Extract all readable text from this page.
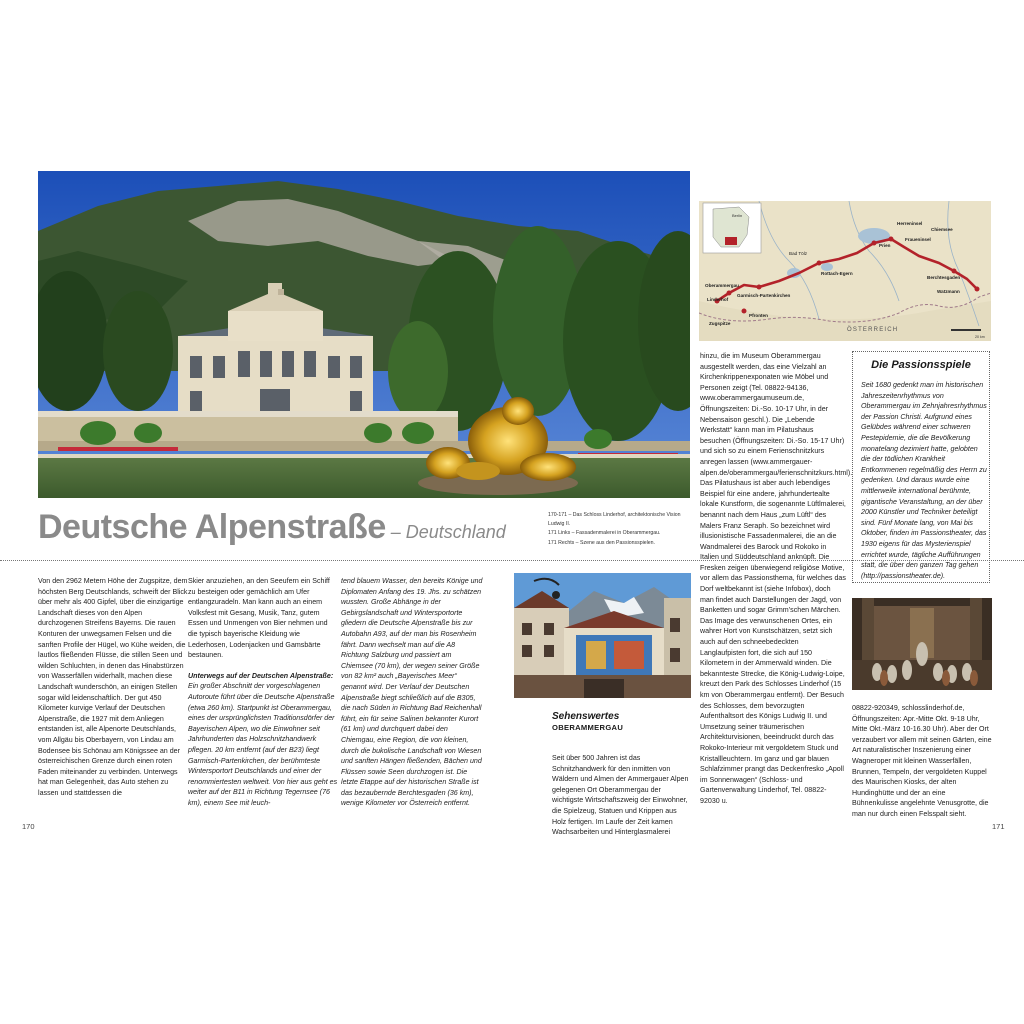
Berlin
Herreninsel
Chiemsee
Fraueninsel
Prien
Rottach-Egern
Oberammergau
Linderhof
Garmisch-Partenkirchen
Pfronten
Zugspitze
Berchtesgaden
Watzmann
Bad Tölz
ÖSTERREICH
20 km
Deutsche Alpenstraße – Deutschland
170-171 – Das Schloss Linderhof, architektonische Vision Ludwig II.
171 Links – Fassadenmalerei in Oberammergau.
171 Rechts – Szene aus den Passionsspielen.

Von den 2962 Metern Höhe der Zugspitze, dem höchsten Berg Deutschlands, schweift der Blick über mehr als 400 Gipfel, über die einzigartige Landschaft dieses von den Alpen durchzogenen Streifens Bayerns. Die rauen Konturen der unwegsamen Felsen und die sanften Profile der Hügel, wo Kühe weiden, die lautlos fließenden Flüsse, die stillen Seen und wilden Schluchten, in denen das Hinabstürzen von Wasserfällen widerhallt, machen diese Landschaft wunderschön, an einigen Stellen sogar wild leidenschaftlich. Der gut 450 Kilometer kurvige Verlauf der Deutschen Alpenstraße, die 1927 mit dem Anliegen entstanden ist, alle Alpenorte Deutschlands, vom Allgäu bis Oberbayern, von Lindau am Bodensee bis Schönau am Königssee an der österreichischen Grenze durch einen roten Faden miteinander zu verbinden. Unterwegs hat man Gelegenheit, das Auto stehen zu lassen und stattdessen die

Skier anzuziehen, an den Seeufern ein Schiff zu besteigen oder gemächlich am Ufer entlangzuradeln. Man kann auch an einem Volksfest mit Gesang, Musik, Tanz, gutem Essen und Unmengen von Bier nehmen und die typisch bayerische Kleidung wie Lederhosen, Lodenjacken und Gamsbärte bestaunen.

Unterwegs auf der Deutschen Alpenstraße: Ein großer Abschnitt der vorgeschlagenen Autoroute führt über die Deutsche Alpenstraße (etwa 260 km). Startpunkt ist Oberammergau, eines der ursprünglichsten Traditionsdörfer der Bayerischen Alpen, wo die Einwohner seit Jahrhunderten das Holzschnitzhandwerk pflegen. 20 km entfernt (auf der B23) liegt Garmisch-Partenkirchen, der berühmteste Wintersportort Deutschlands und einer der renommiertesten weltweit. Von hier aus geht es weiter auf der B11 in Richtung Tegernsee (76 km), einem See mit leuch-

tend blauem Wasser, den bereits Könige und Diplomaten Anfang des 19. Jhs. zu schätzen wussten. Große Abhänge in der Gebirgslandschaft und Wintersportorte gliedern die Deutsche Alpenstraße bis zur Autobahn A93, auf der man bis Rosenheim fährt. Dann wechselt man auf die A8 Richtung Salzburg und passiert am Chiemsee (70 km), der wegen seiner Größe von 82 km² auch „Bayerisches Meer“ genannt wird. Der Verlauf der Deutschen Alpenstraße biegt schließlich auf die B305, die nach Süden in Richtung Bad Reichenhall führt, ein für seine Salinen bekannter Kurort (61 km) und durchquert dabei den Chiemgau, eine Region, die von kleinen, durch die bukolische Landschaft von Wiesen und sanften Hängen fließenden, Bächen und Flüssen sowie Seen durchzogen ist. Die letzte Etappe auf der historischen Straße ist das bezaubernde Berchtesgaden (36 km), wenige Kilometer vor Österreich entfernt.

Sehenswertes
OBERAMMERGAU

Seit über 500 Jahren ist das Schnitzhandwerk für den inmitten von Wäldern und Almen der Ammergauer Alpen gelegenen Ort Oberammergau der wichtigste Wirtschaftszweig der Einwohner, die Spielzeug, Statuen und Krippen aus Holz fertigen. Im Laufe der Zeit kamen Wachsarbeiten und Hinterglasmalerei

hinzu, die im Museum Oberammergau ausgestellt werden, das eine Vielzahl an Kirchenkrippenexponaten wie Möbel und Personen zeigt (Tel. 08822-94136, www.oberammergaumuseum.de, Öffnungszeiten: Di.-So. 10-17 Uhr, in der Nebensaison geschl.). Die „Lebende Werkstatt“ kann man im Pilatushaus besuchen (Öffnungszeiten: Di.-So. 15-17 Uhr) und sich so zu einem Ferienschnitzkurs anregen lassen (www.ammergauer-alpen.de/oberammergau/ferienschnitzkurs.html). Das Pilatushaus ist aber auch lebendiges Beispiel für eine andere, jahrhundertealte lokale Kunstform, die sogenannte Lüftlmalerei, benannt nach dem Haus „zum Lüftl“ des Malers Franz Seraph. So bezeichnet wird illusionistische Fassadenmalerei, die an die Wandmalerei des Barock und Rokoko in Italien und Süddeutschland anknüpft. Die Fresken zeigen überwiegend religiöse Motive, vor allem das Passionsthema, für welches das Dorf weltbekannt ist (siehe Infobox), doch man findet auch Darstellungen der Jagd, von Banketten und sogar Grimm’schen Märchen. Das Image des verwunschenen Ortes, ein wahrer Hort von Kunstschätzen, setzt sich auch auf den schneebedeckten Langlaufpisten fort, die sich auf 150 Kilometern in der Ammerwald winden. Die bekannteste Strecke, die König-Ludwig-Loipe, kreuzt den Park des Schlosses Linderhof (15 km von Oberammergau entfernt). Der Besuch des Schlosses, dem bevorzugten Aufenthaltsort des Königs Ludwig II. und Umsetzung seiner träumerischen Architekturvisionen, beeindruckt durch das Rokoko-Interieur mit vergoldetem Stuck und Kristallleuchtern. Im ganz und gar blauen Schlafzimmer prangt das Deckenfresko „Apoll im Sonnenwagen“ (Schloss- und Gartenverwaltung Linderhof, Tel. 08822-92030 u.

Die Passionsspiele
Seit 1680 gedenkt man im historischen Jahreszeitenrhythmus von Oberammergau im Zehnjahresrhythmus der Passion Christi. Aufgrund eines Gelübdes während einer schweren Pestepidemie, die die Bevölkerung monatelang dezimiert hatte, gelobten die der tödlichen Krankheit Entkommenen regelmäßig des Herrn zu gedenken. Und daraus wurde eine mittlerweile international berühmte, gigantische Veranstaltung, an der über 2000 Künstler und Techniker beteiligt sind. Fünf Monate lang, von Mai bis Oktober, finden im Passionstheater, das 1930 eigens für das Mysterienspiel errichtet wurde, tägliche Aufführungen statt, die über den ganzen Tag gehen (http://passionstheater.de).

08822-920349, schlosslinderhof.de, Öffnungszeiten: Apr.-Mitte Okt. 9-18 Uhr, Mitte Okt.-März 10-16.30 Uhr). Aber der Ort verzaubert vor allem mit seinen Gärten, eine Art naturalistischer Inszenierung einer Wagneroper mit kleinen Wasserfällen, Brunnen, Tempeln, der vergoldeten Kuppel des Maurischen Kiosks, der alten Hundinghütte und der an eine Bühnenkulisse angelehnte Venusgrotte, die man nur durch einen Felsspalt sieht.

170	171
